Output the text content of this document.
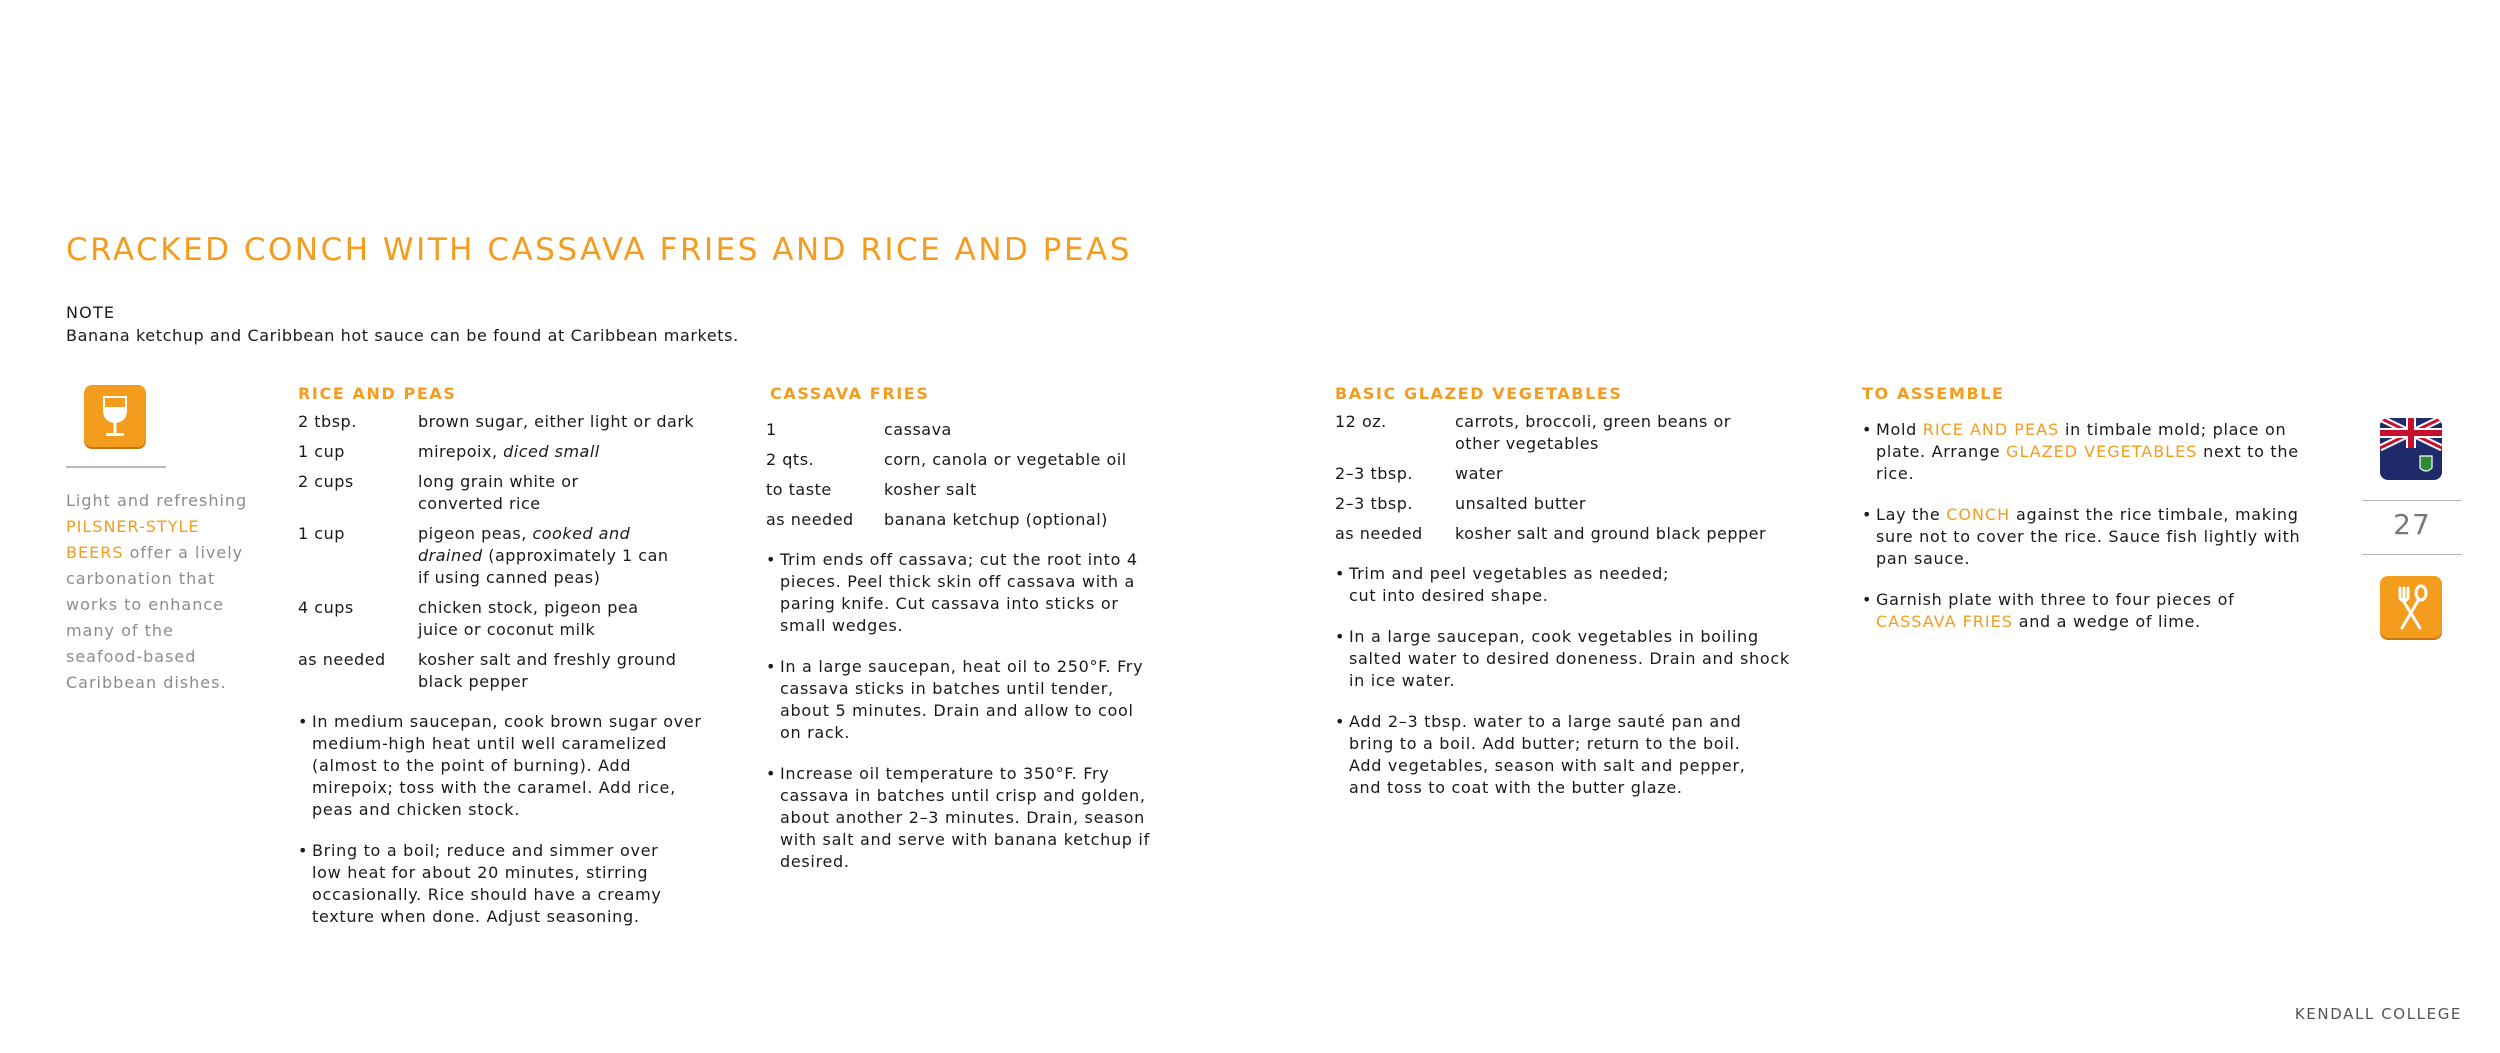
CRACKED CONCH WITH CASSAVA FRIES AND RICE AND PEAS
NOTE
Banana ketchup and Caribbean hot sauce can be found at Caribbean markets.
Light and refreshing
PILSNER-STYLE BEERS offer a lively carbonation that works to enhance many of the seafood-based Caribbean dishes.
RICE AND PEAS
2 tbsp.	brown sugar, either light or dark
1 cup	mirepoix, diced small
2 cups	long grain white or converted rice
1 cup	pigeon peas, cooked and drained (approximately 1 can if using canned peas)
4 cups	chicken stock, pigeon pea juice or coconut milk
as needed	kosher salt and freshly ground black pepper
• In medium saucepan, cook brown sugar over medium-high heat until well caramelized (almost to the point of burning). Add mirepoix; toss with the caramel. Add rice, peas and chicken stock.
• Bring to a boil; reduce and simmer over low heat for about 20 minutes, stirring occasionally. Rice should have a creamy texture when done. Adjust seasoning.
CASSAVA FRIES
1	cassava
2 qts.	corn, canola or vegetable oil
to taste	kosher salt
as needed	banana ketchup (optional)
• Trim ends off cassava; cut the root into 4 pieces. Peel thick skin off cassava with a paring knife. Cut cassava into sticks or small wedges.
• In a large saucepan, heat oil to 250°F. Fry cassava sticks in batches until tender, about 5 minutes. Drain and allow to cool on rack.
• Increase oil temperature to 350°F. Fry cassava in batches until crisp and golden, about another 2–3 minutes. Drain, season with salt and serve with banana ketchup if desired.
BASIC GLAZED VEGETABLES
12 oz.	carrots, broccoli, green beans or other vegetables
2–3 tbsp.	water
2–3 tbsp.	unsalted butter
as needed	kosher salt and ground black pepper
• Trim and peel vegetables as needed; cut into desired shape.
• In a large saucepan, cook vegetables in boiling salted water to desired doneness. Drain and shock in ice water.
• Add 2–3 tbsp. water to a large sauté pan and bring to a boil. Add butter; return to the boil. Add vegetables, season with salt and pepper, and toss to coat with the butter glaze.
TO ASSEMBLE
• Mold RICE AND PEAS in timbale mold; place on plate. Arrange GLAZED VEGETABLES next to the rice.
• Lay the CONCH against the rice timbale, making sure not to cover the rice. Sauce fish lightly with pan sauce.
• Garnish plate with three to four pieces of CASSAVA FRIES and a wedge of lime.
27
KENDALL COLLEGE
